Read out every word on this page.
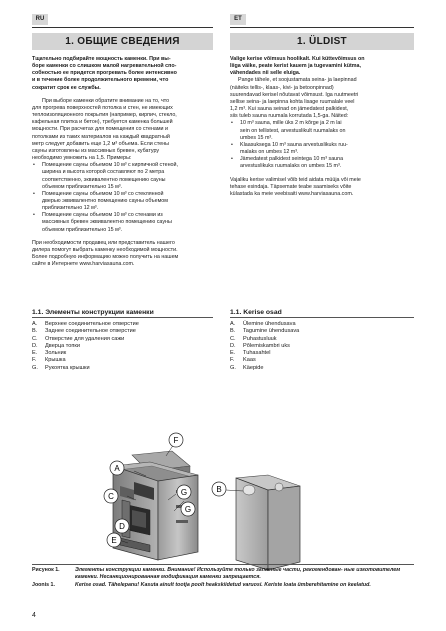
RU	ET
1. ОБЩИЕ СВЕДЕНИЯ	1. ÜLDIST

Тщательно подбирайте мощность каменки. При вы-

боре каменки со слишком малой нагревательной спо-

собностью ее придется прогревать более интенсивно

и в течение более продолжительного времени, что

сократит срок ее службы.

При выборе каменки обратите внимание на то, что

для прогрева поверхностей потолка и стен, не имеющих

теплоизоляционного покрытия (например, кирпич, стекло,

кафельная плитка и бетон), требуется каменка большей

мощности. При расчетах для помещения со стенами и

потолками из таких материалов на каждый квадратный

метр следует добавить еще 1,2 м³ объема. Если стены

сауны изготовлены из массивных бревен, кубатуру

необходимо умножить на 1,5. Примеры:

• Помещение сауны объемом 10 м³ с кирпичной стеной,

ширина и высота которой составляют по 2 метра

соответственно, эквивалентно помещению сауны

объемом приблизительно 15 м³.

• Помещение сауны объемом 10 м³ со стеклянной

дверью эквивалентно помещению сауны объемом

приблизительно 12 м³.

• Помещение сауны объемом 10 м³ со стенами из

массивных бревен эквивалентно помещению сауны

объемом приблизительно 15 м³.

При необходимости продавец или представитель нашего

дилера помогут выбрать каменку необходимой мощности.

Более подробную информацию можно получить на нашем

сайте в Интернете www.harviasauna.com.

Valige kerise võimsus hoolikalt. Kui küttevõimsus on

liiga väike, peate kerist kauem ja tugevamini kütma,

vähendades nii selle eluiga.

Pange tähele, et soojustamata seina- ja laepinnad

(näiteks tellis-, klaas-, kivi- ja betoonpinnad)

suurendavad kerisel nõutavat võimsust. Iga ruutmeetri

sellise seina- ja laepinna kohta lisage ruumalale veel

1,2 m³. Kui sauna seinad on jämedatest palkidest,

siis tuleb sauna ruumala korrutada 1,5-ga. Näited:

• 10 m³ sauna, mille üks 2 m kõrge ja 2 m lai

sein on tellistest, arvestuslikult ruumalaks on

umbes 15 m³.

• Klaasuksega 10 m³ sauna arvestuslikuks ruu-

malaks on umbes 12 m³.

• Jämedatest palkidest seintega 10 m³ sauna

arvestuslikuks ruumalaks on umbes 15 m³.

Vajaliku kerise valimisel võib teid aidata müüja või meie

tehase esindaja. Täpsemate teabe saamiseks võite

külastada ka meie veebisaiti www.harviasauna.com.

1.1. Элементы конструкции каменки	1.1. Kerise osad
A.	Верхнее соединительное отверстие
B.	Заднее соединительное отверстие
C.	Отверстие для удаления сажи
D.	Дверца топки
E.	Зольник
F.	Крышка
G.	Рукоятка крышки
A.	Ülemine ühendusava
B.	Tagumine ühendusava
C.	Puhastusluuk
D.	Põlemiskambri uks
E.	Tuhasahtel
F.	Kaas
G.	Käepide
F
A
C
D
E
G
G
B
Рисунок 1.	Элементы конструкции каменки. Внимание! Используйте только запасные части, рекомендован- ные изготовителем каменки. Несанкционированная модификация каменки запрещается.
Joonis 1.	Kerise osad. Tähelepanu! Kasuta ainult tootja poolt heakskiidetud varuosi. Keriste loata ümberehitamine on keelatud.
4
